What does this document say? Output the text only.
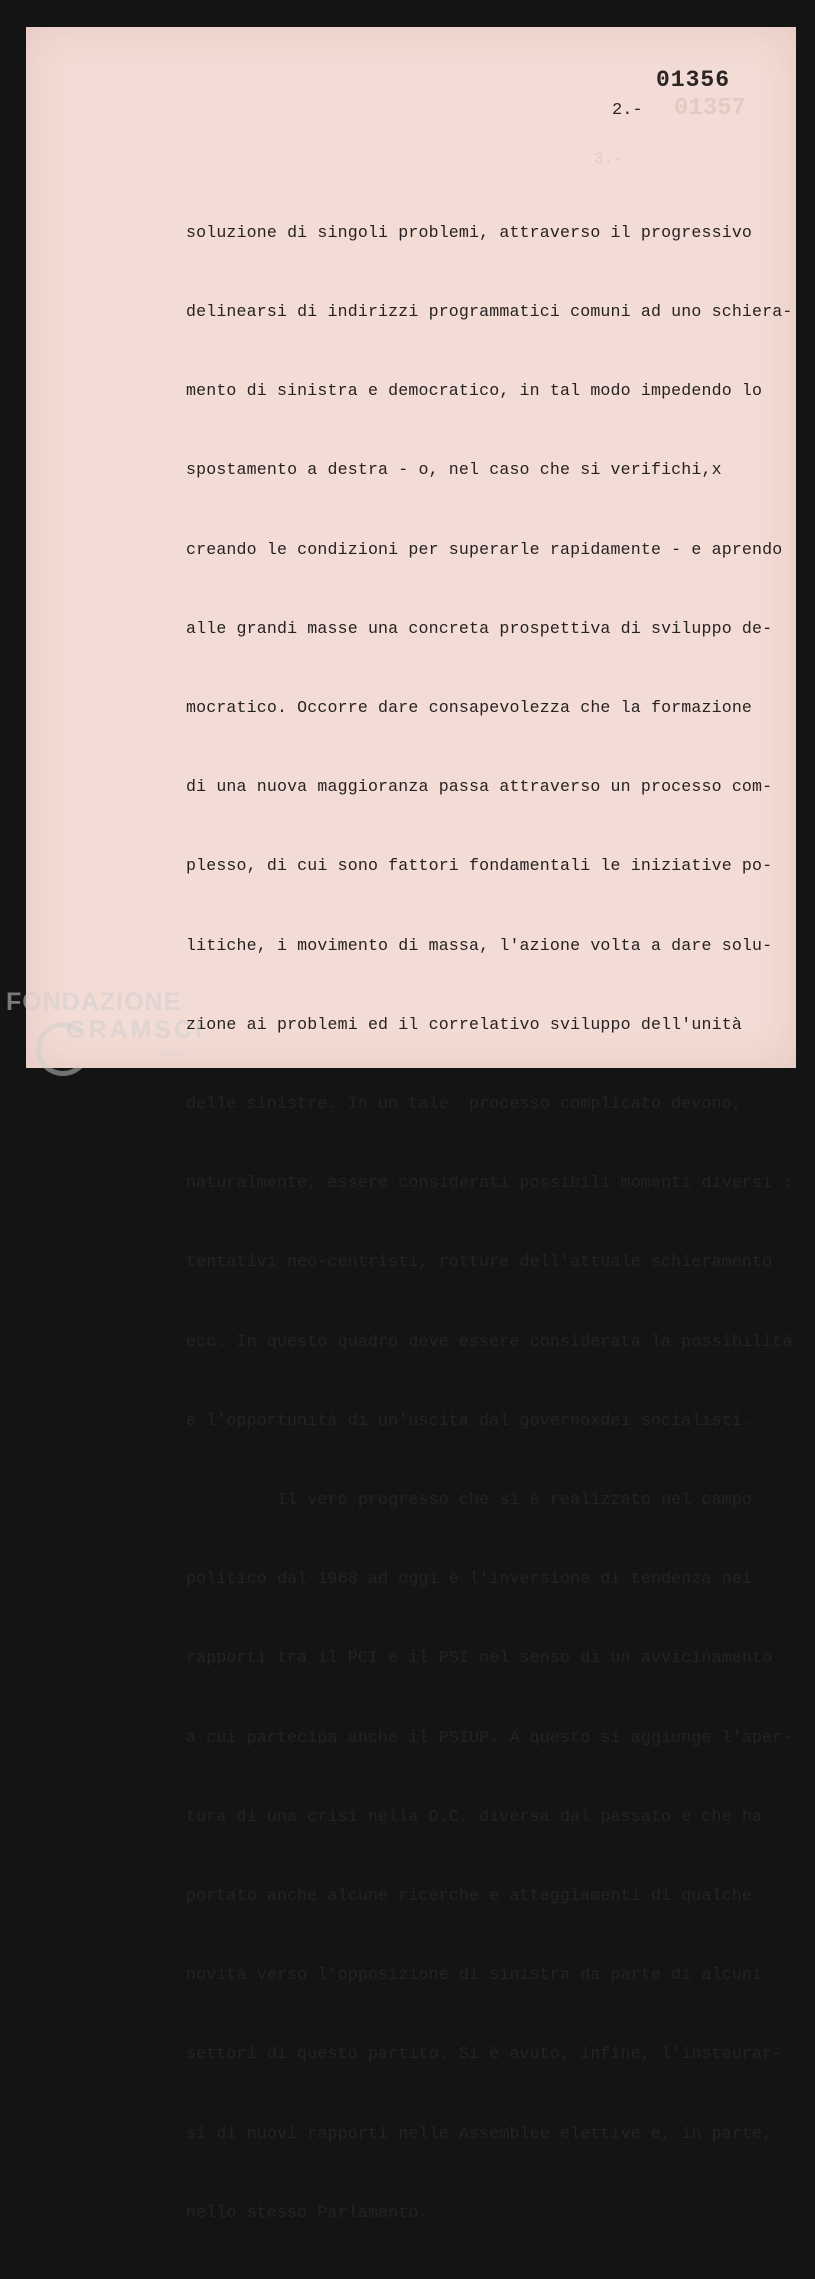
01357
3.-
01356
2.-

soluzione di singoli problemi, attraverso il progressivo

delinearsi di indirizzi programmatici comuni ad uno schiera-

mento di sinistra e democratico, in tal modo impedendo lo

spostamento a destra - o, nel caso che si verifichi,x

creando le condizioni per superarle rapidamente - e aprendo

alle grandi masse una concreta prospettiva di sviluppo de-

mocratico. Occorre dare consapevolezza che la formazione

di una nuova maggioranza passa attraverso un processo com-

plesso, di cui sono fattori fondamentali le iniziative po-

litiche, i movimento di massa, l'azione volta a dare solu-

zione ai problemi ed il correlativo sviluppo dell'unità

delle sinistre. In un tale  processo complicato devono,

naturalmente, essere considerati possibili momenti diversi :

tentativi neo-centristi, rotture dell'attuale schieramento

ecc. In questo quadro deve essere considerata la possibilità

e l'opportunità di un'uscita dal governoxdei socialisti.

Il vero progresso che si è realizzato nel campo

politico dal 1968 ad oggi è l'inversione di tendenza nei

rapporti tra il PCI e il PSI nel senso di un avvicinamento

a cui partecipa anche il PSIUP. A questo si aggiunge l'aper-

tura di una crisi nella D.C. diversa dal passato e che ha

portato anche alcune ricerche e atteggiamenti di qualche

novità verso l'opposizione di sinistra da parte di alcuni

settori di questo partito. Si è avuto, infine, l'instaurar-

si di nuovi rapporti nelle Assemblee elettive e, in parte,

nello stesso Parlamento.

FONDAZIONE
GRAMSCI
onlus
